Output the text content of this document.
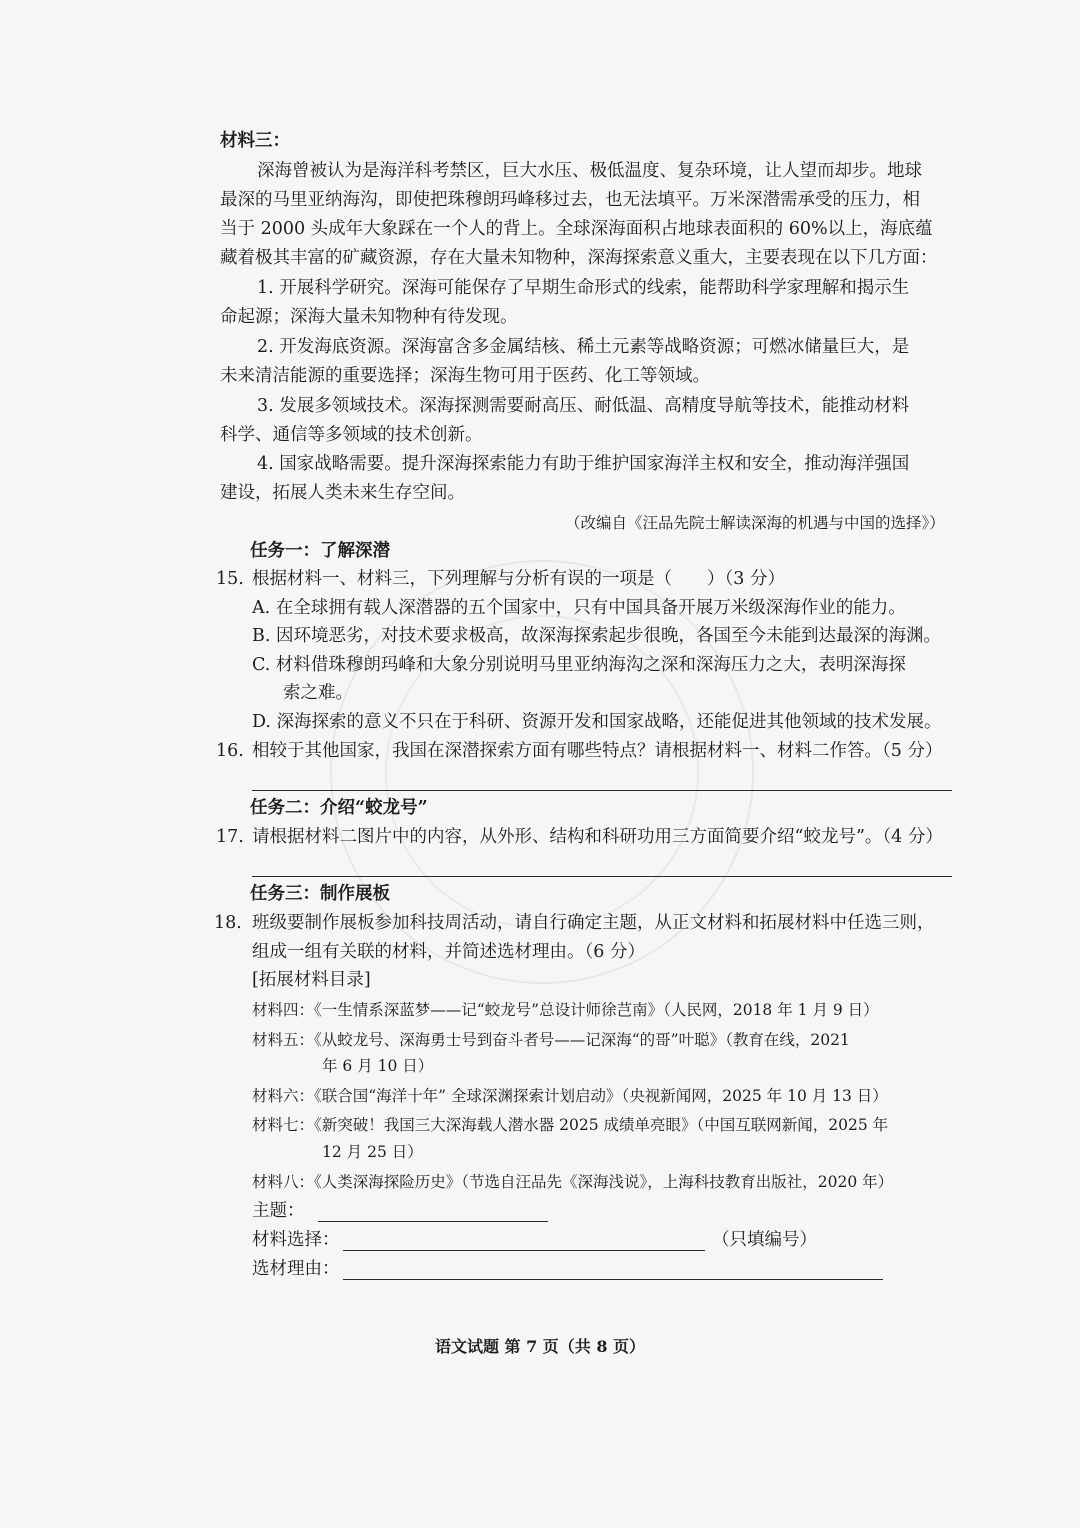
材料三：
深海曾被认为是海洋科考禁区，巨大水压、极低温度、复杂环境，让人望而却步。地球
最深的马里亚纳海沟，即使把珠穆朗玛峰移过去，也无法填平。万米深潜需承受的压力，相
当于 2000 头成年大象踩在一个人的背上。全球深海面积占地球表面积的 60%以上，海底蕴
藏着极其丰富的矿藏资源，存在大量未知物种，深海探索意义重大，主要表现在以下几方面：
1. 开展科学研究。深海可能保存了早期生命形式的线索，能帮助科学家理解和揭示生
命起源；深海大量未知物种有待发现。
2. 开发海底资源。深海富含多金属结核、稀土元素等战略资源；可燃冰储量巨大，是
未来清洁能源的重要选择；深海生物可用于医药、化工等领域。
3. 发展多领域技术。深海探测需要耐高压、耐低温、高精度导航等技术，能推动材料
科学、通信等多领域的技术创新。
4. 国家战略需要。提升深海探索能力有助于维护国家海洋主权和安全，推动海洋强国
建设，拓展人类未来生存空间。
（改编自《汪品先院士解读深海的机遇与中国的选择》）
任务一：了解深潜
15. 根据材料一、材料三，下列理解与分析有误的一项是（　　）（3 分）
A. 在全球拥有载人深潜器的五个国家中，只有中国具备开展万米级深海作业的能力。
B. 因环境恶劣，对技术要求极高，故深海探索起步很晚，各国至今未能到达最深的海渊。
C. 材料借珠穆朗玛峰和大象分别说明马里亚纳海沟之深和深海压力之大，表明深海探
索之难。
D. 深海探索的意义不只在于科研、资源开发和国家战略，还能促进其他领域的技术发展。
16. 相较于其他国家，我国在深潜探索方面有哪些特点？请根据材料一、材料二作答。（5 分）
任务二：介绍“蛟龙号”
17. 请根据材料二图片中的内容，从外形、结构和科研功用三方面简要介绍“蛟龙号”。（4 分）
任务三：制作展板
18. 班级要制作展板参加科技周活动，请自行确定主题，从正文材料和拓展材料中任选三则，
组成一组有关联的材料，并简述选材理由。（6 分）
[拓展材料目录]
材料四：《一生情系深蓝梦——记“蛟龙号”总设计师徐芑南》（人民网，2018 年 1 月 9 日）
材料五：《从蛟龙号、深海勇士号到奋斗者号——记深海“的哥”叶聪》（教育在线，2021
年 6 月 10 日）
材料六：《联合国“海洋十年” 全球深渊探索计划启动》（央视新闻网，2025 年 10 月 13 日）
材料七：《新突破！我国三大深海载人潜水器 2025 成绩单亮眼》（中国互联网新闻，2025 年
12 月 25 日）
材料八：《人类深海探险历史》（节选自汪品先《深海浅说》，上海科技教育出版社，2020 年）
主题：
材料选择：	（只填编号）
选材理由：
语文试题 第 7 页（共 8 页）
